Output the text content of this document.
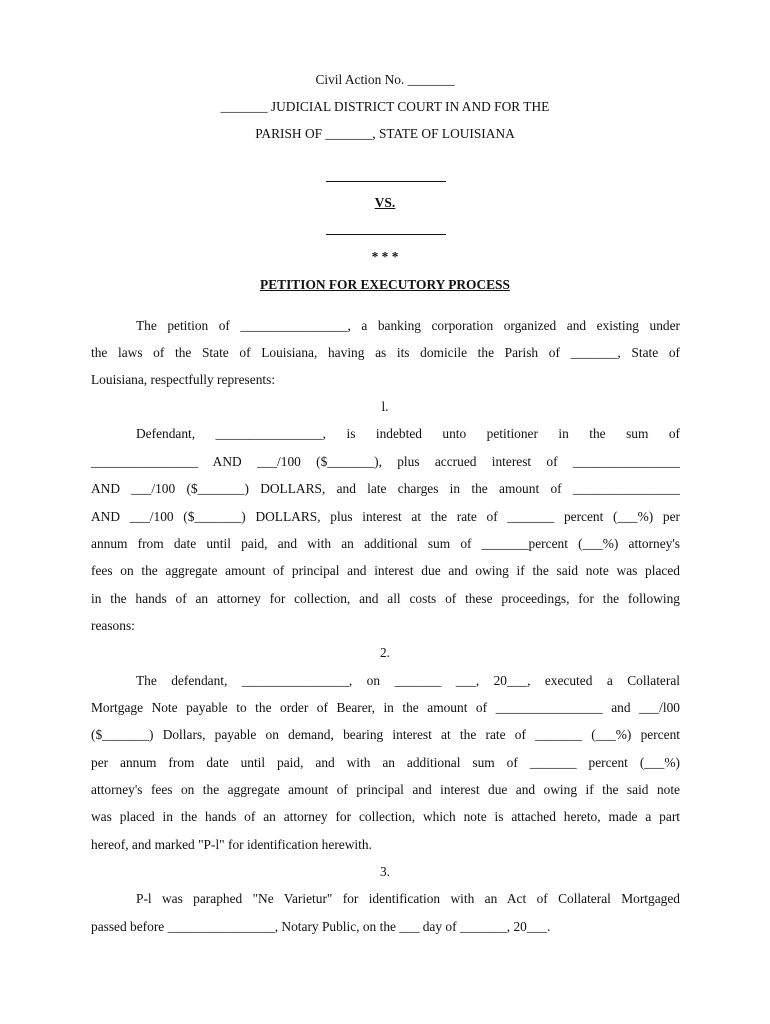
Civil Action No. _______
_______ JUDICIAL DISTRICT COURT IN AND FOR THE
PARISH OF _______, STATE OF LOUISIANA
VS.
* * *
PETITION FOR EXECUTORY PROCESS
The petition of ________________, a banking corporation organized and existing under
the laws of the State of Louisiana, having as its domicile the Parish of _______, State of
Louisiana, respectfully represents:
l.
Defendant, ________________, is indebted unto petitioner in the sum of
________________ AND ___/100 ($_______), plus accrued interest of ________________
AND ___/100 ($_______) DOLLARS, and late charges in the amount of ________________
AND ___/100 ($_______) DOLLARS, plus interest at the rate of _______ percent (___%) per
annum from date until paid, and with an additional sum of _______percent (___%) attorney's
fees on the aggregate amount of principal and interest due and owing if the said note was placed
in the hands of an attorney for collection, and all costs of these proceedings, for the following
reasons:
2.
The defendant, ________________, on _______ ___, 20___, executed a Collateral
Mortgage Note payable to the order of Bearer, in the amount of ________________ and ___/l00
($_______) Dollars, payable on demand, bearing interest at the rate of _______ (___%) percent
per annum from date until paid, and with an additional sum of _______ percent (___%)
attorney's fees on the aggregate amount of principal and interest due and owing if the said note
was placed in the hands of an attorney for collection, which note is attached hereto, made a part
hereof, and marked "P-l" for identification herewith.
3.
P-l was paraphed "Ne Varietur" for identification with an Act of Collateral Mortgaged
passed before ________________, Notary Public, on the ___ day of _______, 20___.
